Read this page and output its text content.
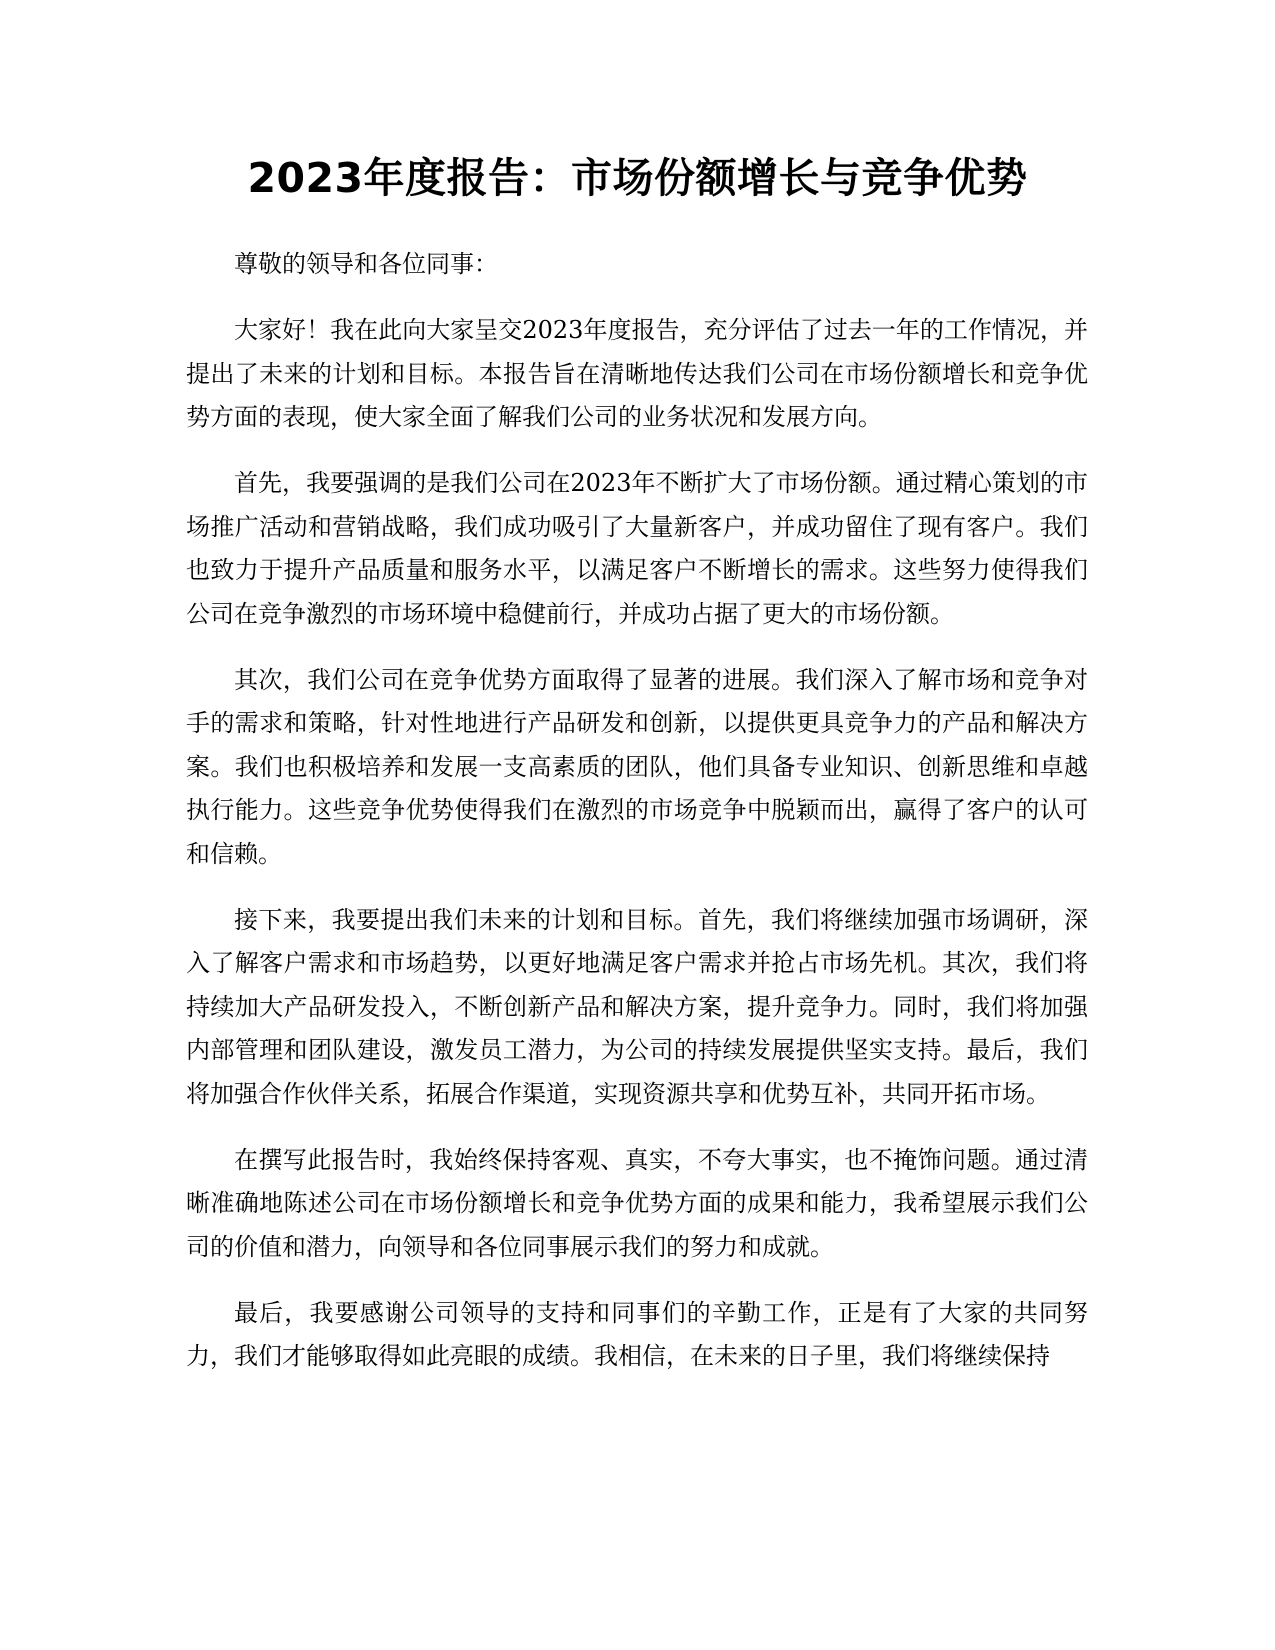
2023年度报告：市场份额增长与竞争优势

尊敬的领导和各位同事：

大家好！我在此向大家呈交2023年度报告，充分评估了过去一年的工作情况，并提出了未来的计划和目标。本报告旨在清晰地传达我们公司在市场份额增长和竞争优势方面的表现，使大家全面了解我们公司的业务状况和发展方向。

首先，我要强调的是我们公司在2023年不断扩大了市场份额。通过精心策划的市场推广活动和营销战略，我们成功吸引了大量新客户，并成功留住了现有客户。我们也致力于提升产品质量和服务水平，以满足客户不断增长的需求。这些努力使得我们公司在竞争激烈的市场环境中稳健前行，并成功占据了更大的市场份额。

其次，我们公司在竞争优势方面取得了显著的进展。我们深入了解市场和竞争对手的需求和策略，针对性地进行产品研发和创新，以提供更具竞争力的产品和解决方案。我们也积极培养和发展一支高素质的团队，他们具备专业知识、创新思维和卓越执行能力。这些竞争优势使得我们在激烈的市场竞争中脱颖而出，赢得了客户的认可和信赖。

接下来，我要提出我们未来的计划和目标。首先，我们将继续加强市场调研，深入了解客户需求和市场趋势，以更好地满足客户需求并抢占市场先机。其次，我们将持续加大产品研发投入，不断创新产品和解决方案，提升竞争力。同时，我们将加强内部管理和团队建设，激发员工潜力，为公司的持续发展提供坚实支持。最后，我们将加强合作伙伴关系，拓展合作渠道，实现资源共享和优势互补，共同开拓市场。

在撰写此报告时，我始终保持客观、真实，不夸大事实，也不掩饰问题。通过清晰准确地陈述公司在市场份额增长和竞争优势方面的成果和能力，我希望展示我们公司的价值和潜力，向领导和各位同事展示我们的努力和成就。

最后，我要感谢公司领导的支持和同事们的辛勤工作，正是有了大家的共同努力，我们才能够取得如此亮眼的成绩。我相信，在未来的日子里，我们将继续保持
